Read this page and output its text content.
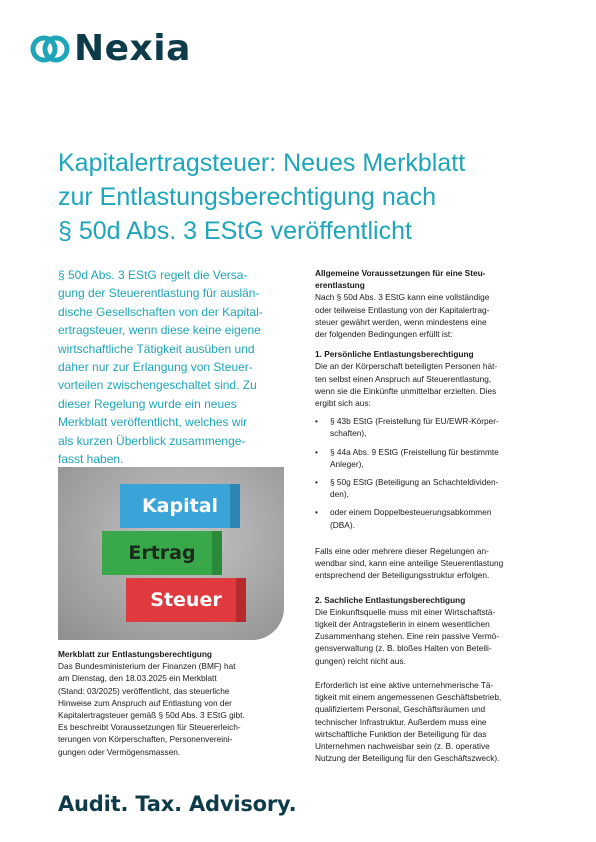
Nexia
Kapitalertragsteuer: Neues Merkblatt
zur Entlastungsberechtigung nach
§ 50d Abs. 3 EStG veröffentlicht
§ 50d Abs. 3 EStG regelt die Versa-
gung der Steuerentlastung für auslän-
dische Gesellschaften von der Kapital-
ertragsteuer, wenn diese keine eigene
wirtschaftliche Tätigkeit ausüben und
daher nur zur Erlangung von Steuer-
vorteilen zwischengeschaltet sind. Zu
dieser Regelung wurde ein neues
Merkblatt veröffentlicht, welches wir
als kurzen Überblick zusammenge-
fasst haben.
Kapital
Ertrag
Steuer
Merkblatt zur Entlastungsberechtigung
Das Bundesministerium der Finanzen (BMF) hat
am Dienstag, den 18.03.2025 ein Merkblatt
(Stand: 03/2025) veröffentlicht, das steuerliche
Hinweise zum Anspruch auf Entlastung von der
Kapitalertragsteuer gemäß § 50d Abs. 3 EStG gibt.
Es beschreibt Voraussetzungen für Steuererleich-
terungen von Körperschaften, Personenvereini-
gungen oder Vermögensmassen.
Allgemeine Voraussetzungen für eine Steu-
erentlastung
Nach § 50d Abs. 3 EStG kann eine vollständige
oder teilweise Entlastung von der Kapitalertrag-
steuer gewährt werden, wenn mindestens eine
der folgenden Bedingungen erfüllt ist:
1. Persönliche Entlastungsberechtigung
Die an der Körperschaft beteiligten Personen hät-
ten selbst einen Anspruch auf Steuerentlastung,
wenn sie die Einkünfte unmittelbar erzielten. Dies
ergibt sich aus:
• § 43b EStG (Freistellung für EU/EWR-Körper-
schaften),
• § 44a Abs. 9 EStG (Freistellung für bestimmte
Anleger),
• § 50g EStG (Beteiligung an Schachteldividen-
den),
• oder einem Doppelbesteuerungsabkommen
(DBA).
Falls eine oder mehrere dieser Regelungen an-
wendbar sind, kann eine anteilige Steuerentlastung
entsprechend der Beteiligungsstruktur erfolgen.
2. Sachliche Entlastungsberechtigung
Die Einkunftsquelle muss mit einer Wirtschaftstä-
tigkeit der Antragstellerin in einem wesentlichen
Zusammenhang stehen. Eine rein passive Vermö-
gensverwaltung (z. B. bloßes Halten von Beteili-
gungen) reicht nicht aus.
Erforderlich ist eine aktive unternehmerische Tä-
tigkeit mit einem angemessenen Geschäftsbetrieb,
qualifiziertem Personal, Geschäftsräumen und
technischer Infrastruktur. Außerdem muss eine
wirtschaftliche Funktion der Beteiligung für das
Unternehmen nachweisbar sein (z. B. operative
Nutzung der Beteiligung für den Geschäftszweck).
Audit. Tax. Advisory.
